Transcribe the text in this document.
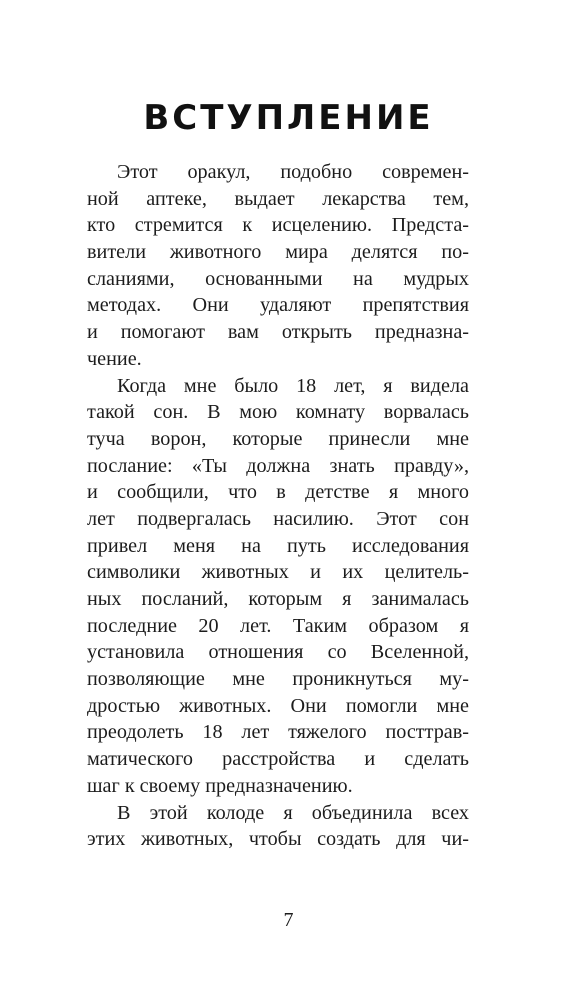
ВСТУПЛЕНИЕ
Этот оракул, подобно современ-
ной аптеке, выдает лекарства тем,
кто стремится к исцелению. Предста-
вители животного мира делятся по-
сланиями, основанными на мудрых
методах. Они удаляют препятствия
и помогают вам открыть предназна-
чение.
Когда мне было 18 лет, я видела
такой сон. В мою комнату ворвалась
туча ворон, которые принесли мне
послание: «Ты должна знать правду»,
и сообщили, что в детстве я много
лет подвергалась насилию. Этот сон
привел меня на путь исследования
символики животных и их целитель-
ных посланий, которым я занималась
последние 20 лет. Таким образом я
установила отношения со Вселенной,
позволяющие мне проникнуться му-
дростью животных. Они помогли мне
преодолеть 18 лет тяжелого посттрав-
матического расстройства и сделать
шаг к своему предназначению.
В этой колоде я объединила всех
этих животных, чтобы создать для чи-
7
